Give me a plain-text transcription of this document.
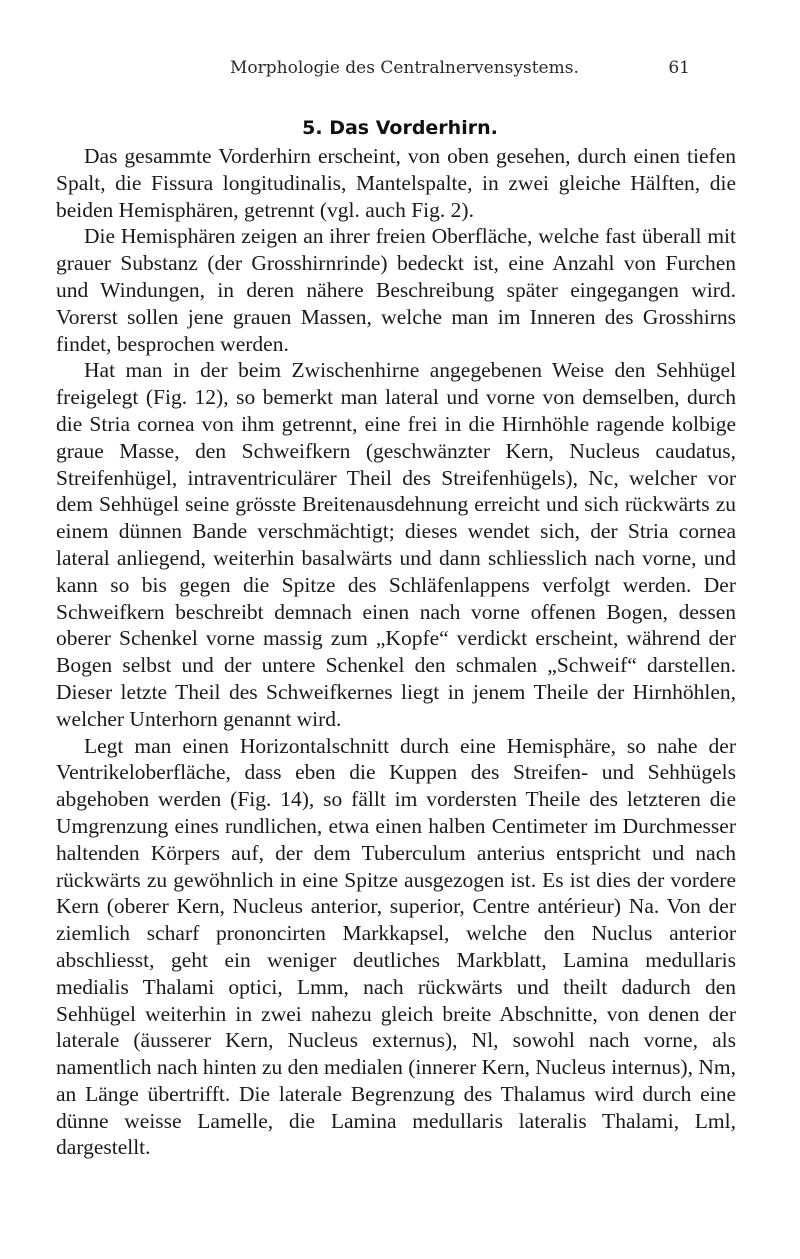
Morphologie des Centralnervensystems.	61
5. Das Vorderhirn.

Das gesammte Vorderhirn erscheint, von oben gesehen, durch einen tiefen Spalt, die Fissura longitudinalis, Mantelspalte, in zwei gleiche Hälften, die beiden Hemisphären, getrennt (vgl. auch Fig. 2).

Die Hemisphären zeigen an ihrer freien Oberfläche, welche fast überall mit grauer Substanz (der Grosshirnrinde) bedeckt ist, eine Anzahl von Furchen und Windungen, in deren nähere Beschreibung später eingegangen wird. Vorerst sollen jene grauen Massen, welche man im Inneren des Grosshirns findet, besprochen werden.

Hat man in der beim Zwischenhirne angegebenen Weise den Sehhügel freigelegt (Fig. 12), so bemerkt man lateral und vorne von demselben, durch die Stria cornea von ihm getrennt, eine frei in die Hirnhöhle ragende kolbige graue Masse, den Schweifkern (geschwänzter Kern, Nucleus caudatus, Streifenhügel, intraventriculärer Theil des Streifenhügels), Nc, welcher vor dem Sehhügel seine grösste Breitenausdehnung erreicht und sich rückwärts zu einem dünnen Bande verschmächtigt; dieses wendet sich, der Stria cornea lateral anliegend, weiterhin basalwärts und dann schliesslich nach vorne, und kann so bis gegen die Spitze des Schläfenlappens verfolgt werden. Der Schweifkern beschreibt demnach einen nach vorne offenen Bogen, dessen oberer Schenkel vorne massig zum „Kopfe“ verdickt erscheint, während der Bogen selbst und der untere Schenkel den schmalen „Schweif“ darstellen. Dieser letzte Theil des Schweifkernes liegt in jenem Theile der Hirnhöhlen, welcher Unterhorn genannt wird.

Legt man einen Horizontalschnitt durch eine Hemisphäre, so nahe der Ventrikeloberfläche, dass eben die Kuppen des Streifen- und Sehhügels abgehoben werden (Fig. 14), so fällt im vordersten Theile des letzteren die Umgrenzung eines rundlichen, etwa einen halben Centimeter im Durchmesser haltenden Körpers auf, der dem Tuberculum anterius entspricht und nach rückwärts zu gewöhnlich in eine Spitze ausgezogen ist. Es ist dies der vordere Kern (oberer Kern, Nucleus anterior, superior, Centre antérieur) Na. Von der ziemlich scharf prononcirten Markkapsel, welche den Nuclus anterior abschliesst, geht ein weniger deutliches Markblatt, Lamina medullaris medialis Thalami optici, Lmm, nach rückwärts und theilt dadurch den Sehhügel weiterhin in zwei nahezu gleich breite Abschnitte, von denen der laterale (äusserer Kern, Nucleus externus), Nl, sowohl nach vorne, als namentlich nach hinten zu den medialen (innerer Kern, Nucleus internus), Nm, an Länge übertrifft. Die laterale Begrenzung des Thalamus wird durch eine dünne weisse Lamelle, die Lamina medullaris lateralis Thalami, Lml, dargestellt.
